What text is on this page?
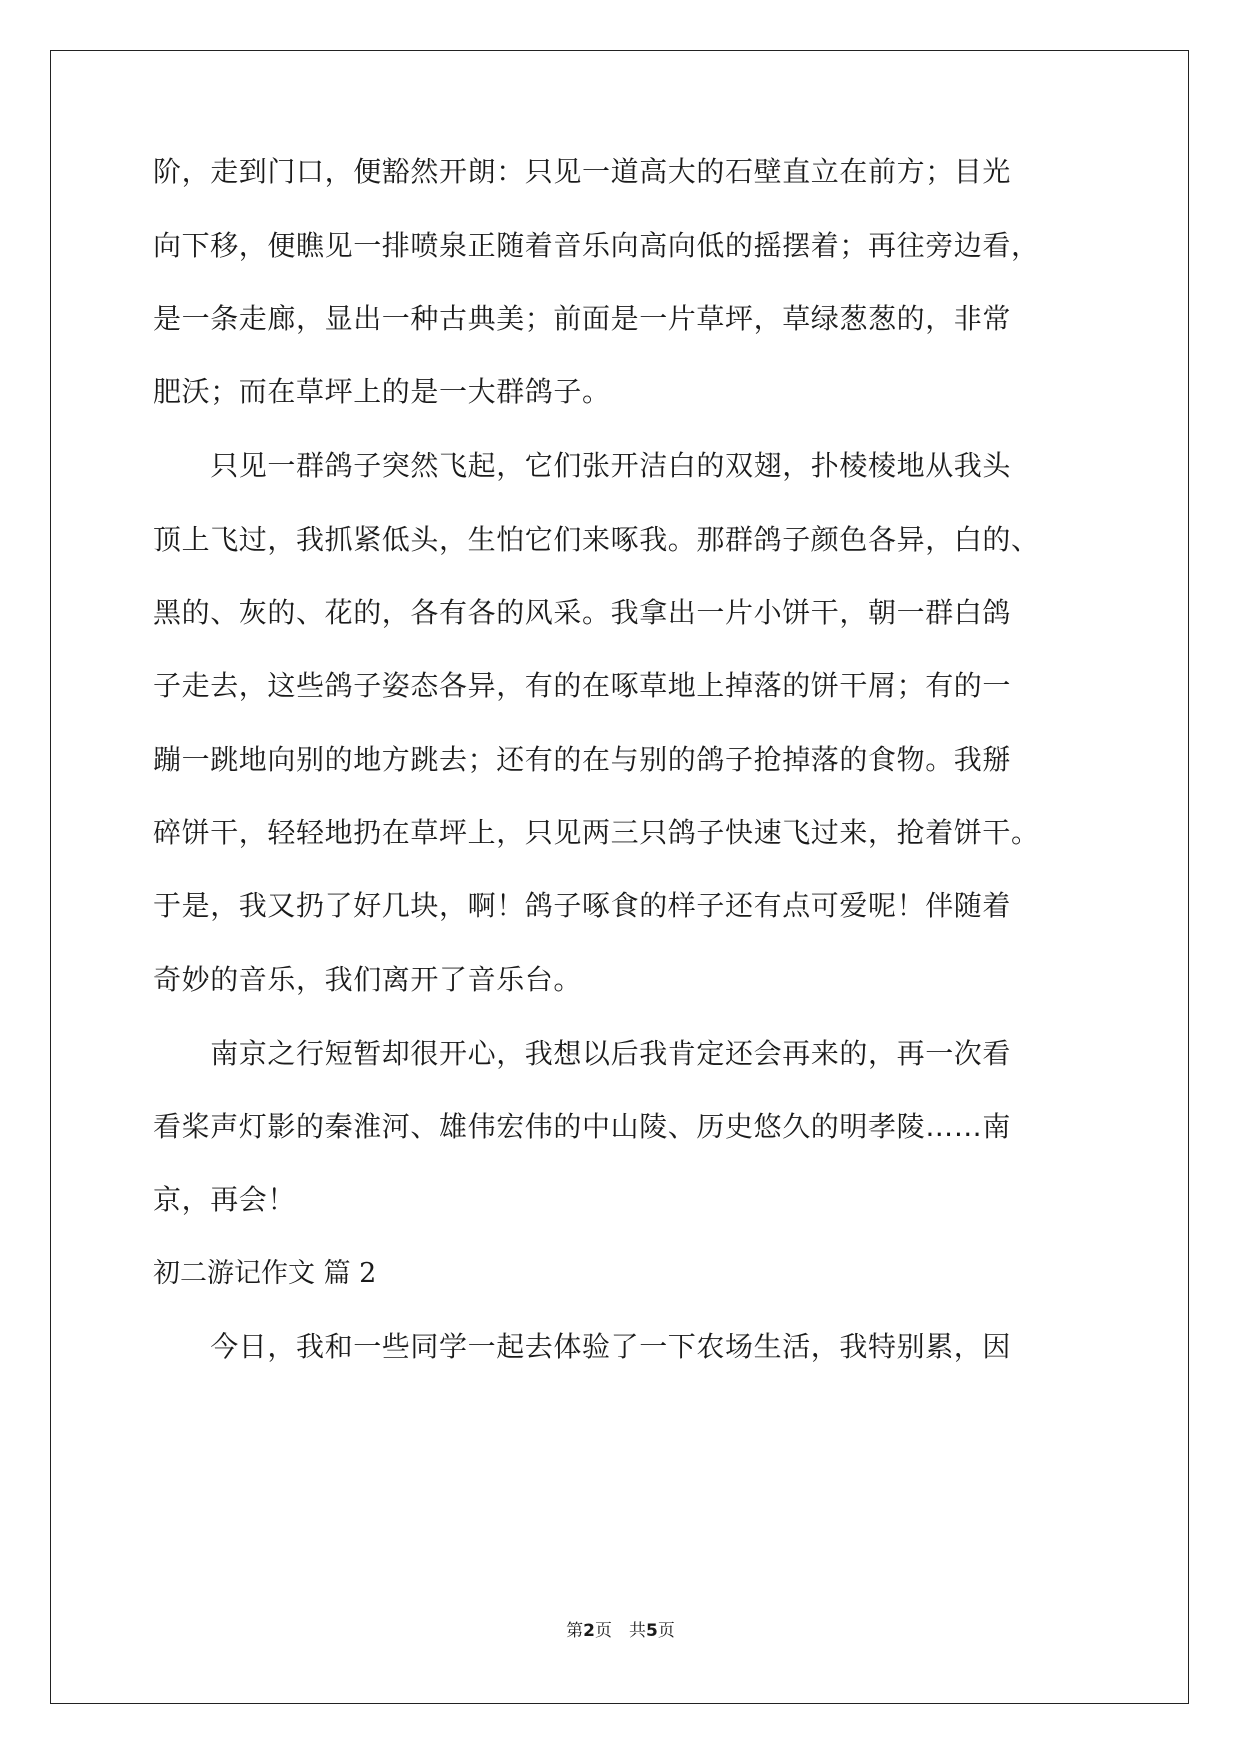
阶，走到门口，便豁然开朗：只见一道高大的石壁直立在前方；目光
向下移，便瞧见一排喷泉正随着音乐向高向低的摇摆着；再往旁边看，
是一条走廊，显出一种古典美；前面是一片草坪，草绿葱葱的，非常
肥沃；而在草坪上的是一大群鸽子。
　　只见一群鸽子突然飞起，它们张开洁白的双翅，扑棱棱地从我头
顶上飞过，我抓紧低头，生怕它们来啄我。那群鸽子颜色各异，白的、
黑的、灰的、花的，各有各的风采。我拿出一片小饼干，朝一群白鸽
子走去，这些鸽子姿态各异，有的在啄草地上掉落的饼干屑；有的一
蹦一跳地向别的地方跳去；还有的在与别的鸽子抢掉落的食物。我掰
碎饼干，轻轻地扔在草坪上，只见两三只鸽子快速飞过来，抢着饼干。
于是，我又扔了好几块，啊！鸽子啄食的样子还有点可爱呢！伴随着
奇妙的音乐，我们离开了音乐台。
　　南京之行短暂却很开心，我想以后我肯定还会再来的，再一次看
看桨声灯影的秦淮河、雄伟宏伟的中山陵、历史悠久的明孝陵……南
京，再会！
初二游记作文 篇 2
　　今日，我和一些同学一起去体验了一下农场生活，我特别累，因
第2页　共5页
